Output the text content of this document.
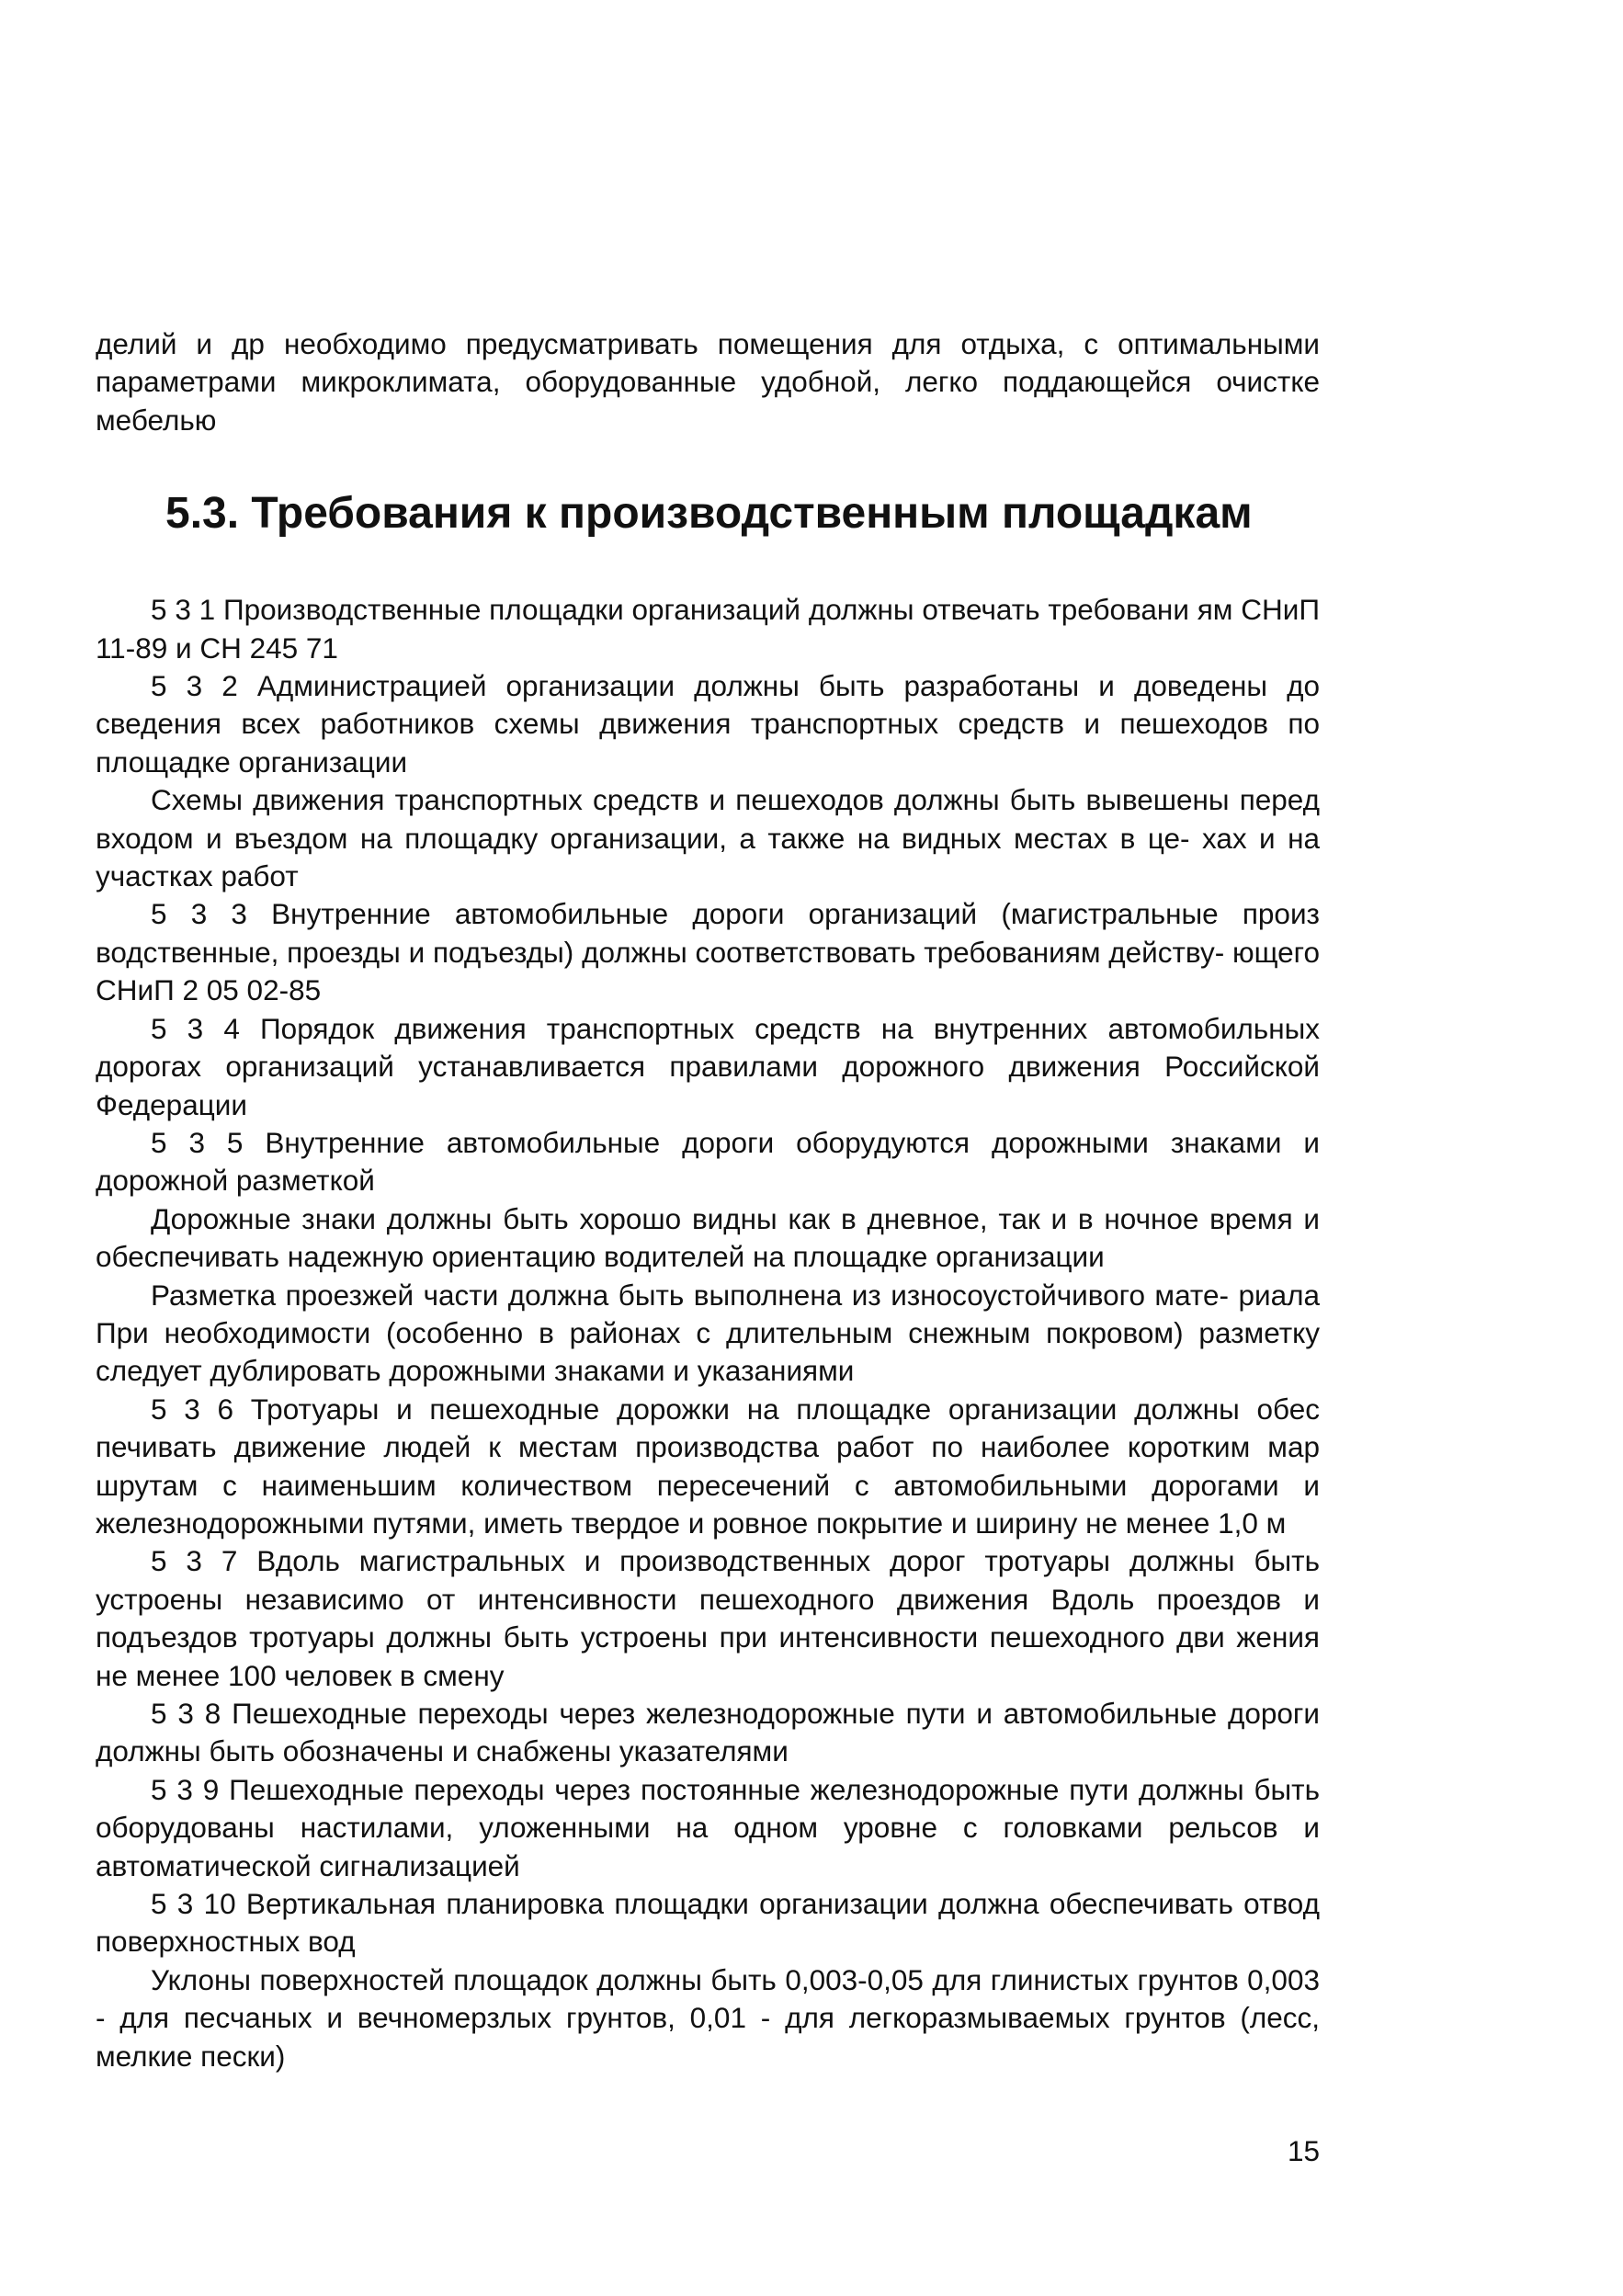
делий и др необходимо предусматривать помещения для отдыха, с оптимальными параметрами микроклимата, оборудованные удобной, легко поддающейся очистке мебелью

5.3. Требования к производственным площадкам

5 3 1 Производственные площадки организаций должны отвечать требовани ям СНиП 11-89 и СН 245 71

5 3 2 Администрацией организации должны быть разработаны и доведены до сведения всех работников схемы движения транспортных средств и пешеходов по площадке организации

Схемы движения транспортных средств и пешеходов должны быть вывешены перед входом и въездом на площадку организации, а также на видных местах в це- хах и на участках работ

5 3 3 Внутренние автомобильные дороги организаций (магистральные произ водственные, проезды и подъезды) должны соответствовать требованиям действу- ющего СНиП 2 05 02-85

5 3 4 Порядок движения транспортных средств на внутренних автомобильных дорогах организаций устанавливается правилами дорожного движения Российской Федерации

5 3 5 Внутренние автомобильные дороги оборудуются дорожными знаками и дорожной разметкой

Дорожные знаки должны быть хорошо видны как в дневное, так и в ночное время и обеспечивать надежную ориентацию водителей на площадке организации

Разметка проезжей части должна быть выполнена из износоустойчивого мате- риала При необходимости (особенно в районах с длительным снежным покровом) разметку следует дублировать дорожными знаками и указаниями

5 3 6 Тротуары и пешеходные дорожки на площадке организации должны обес печивать движение людей к местам производства работ по наиболее коротким мар шрутам с наименьшим количеством пересечений с автомобильными дорогами и железнодорожными путями, иметь твердое и ровное покрытие и ширину не менее 1,0 м

5 3 7 Вдоль магистральных и производственных дорог тротуары должны быть устроены независимо от интенсивности пешеходного движения Вдоль проездов и подъездов тротуары должны быть устроены при интенсивности пешеходного дви жения не менее 100 человек в смену

5 3 8 Пешеходные переходы через железнодорожные пути и автомобильные дороги должны быть обозначены и снабжены указателями

5 3 9 Пешеходные переходы через постоянные железнодорожные пути должны быть оборудованы настилами, уложенными на одном уровне с головками рельсов и автоматической сигнализацией

5 3 10 Вертикальная планировка площадки организации должна обеспечивать отвод поверхностных вод

Уклоны поверхностей площадок должны быть 0,003-0,05 для глинистых грунтов 0,003 - для песчаных и вечномерзлых грунтов, 0,01 - для легкоразмываемых грунтов (лесс, мелкие пески)

15
